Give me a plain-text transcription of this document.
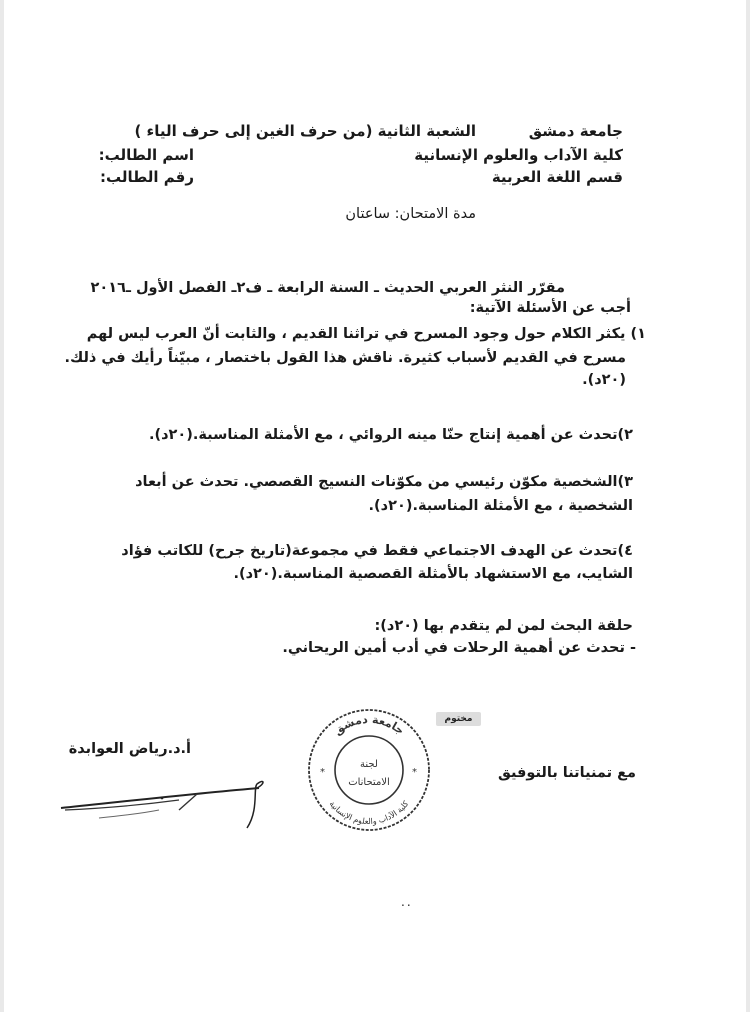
جامعة دمشق
الشعبة الثانية (من حرف الغين إلى حرف الياء )
كلية الآداب والعلوم الإنسانية
اسم الطالب:
قسم اللغة العربية
رقم الطالب:
مدة الامتحان: ساعتان
مقرّر النثر العربي الحديث ـ السنة الرابعة ـ ف٢ـ الفصل الأول ـ٢٠١٦
أجب عن الأسئلة الآتية:
١) يكثر الكلام حول وجود المسرح في تراثنا القديم ، والثابت أنّ العرب ليس لهم
مسرح في القديم لأسباب كثيرة. ناقش هذا القول باختصار ، مبيّناً رأيك في ذلك.
(٢٠د).
٢)تحدث عن أهمية إنتاج حنّا مينه الروائي ، مع الأمثلة المناسبة.(٢٠د).
٣)الشخصية مكوّن رئيسي من مكوّنات النسيج القصصي. تحدث عن أبعاد
الشخصية ، مع الأمثلة المناسبة.(٢٠د).
٤)تحدث عن الهدف الاجتماعي فقط في مجموعة(تاريخ جرح) للكاتب فؤاد
الشايب، مع الاستشهاد بالأمثلة القصصية المناسبة.(٢٠د).
حلقة البحث لمن لم يتقدم بها (٢٠د):
- تحدث عن أهمية الرحلات في أدب أمين الريحاني.
أ.د.رياض العوابدة
مع تمنياتنا بالتوفيق
جامعة دمشق
كلية الآداب والعلوم الإنسانية
لجنة
الامتحانات
*	*
مختوم
..
